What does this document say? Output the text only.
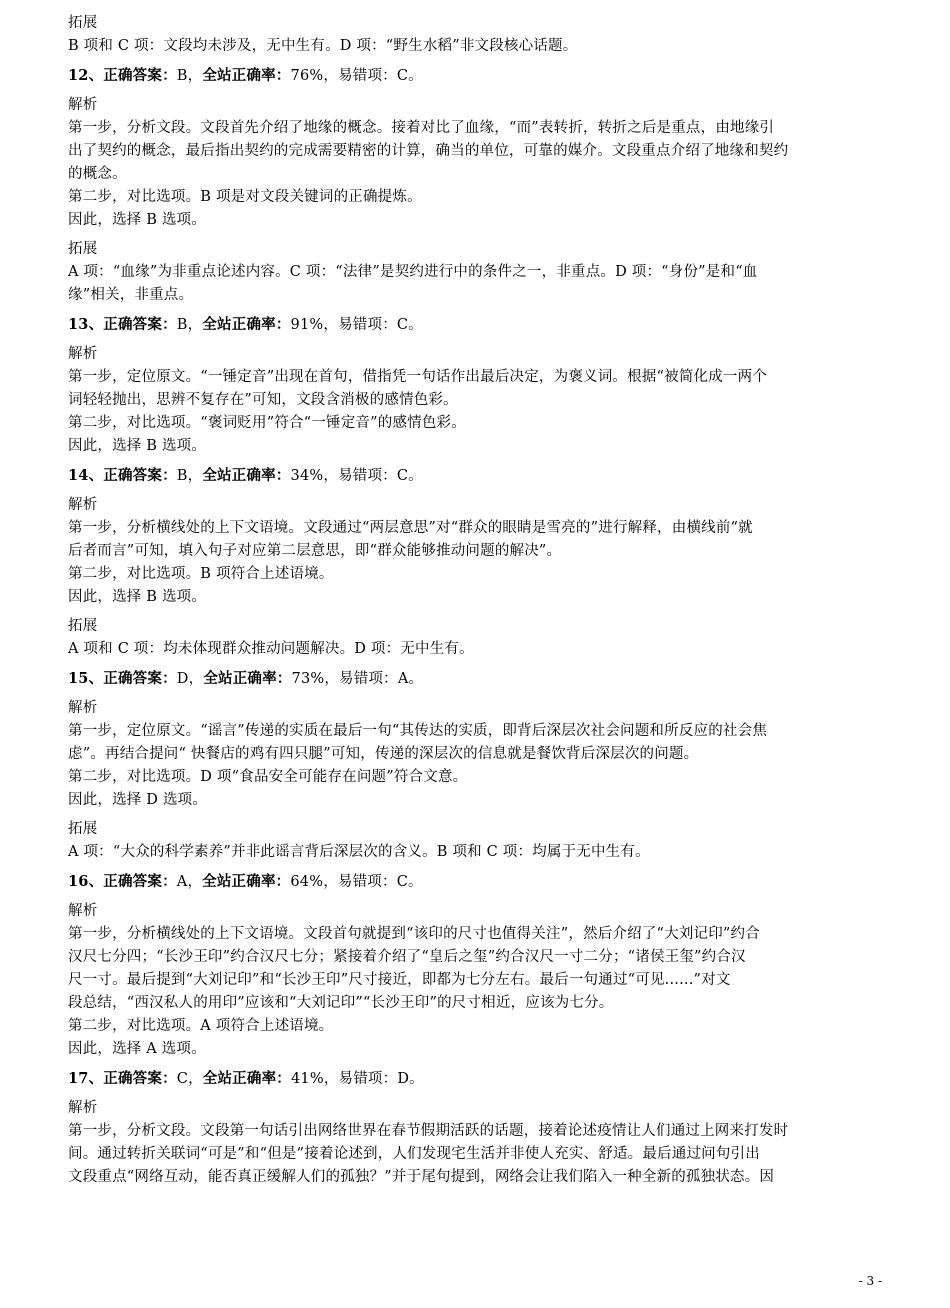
拓展

B 项和 C 项：文段均未涉及，无中生有。D 项：“野生水稻”非文段核心话题。

12、正确答案：B，全站正确率：76%，易错项：C。

解析

第一步，分析文段。文段首先介绍了地缘的概念。接着对比了血缘，“而”表转折，转折之后是重点，由地缘引

出了契约的概念，最后指出契约的完成需要精密的计算，确当的单位，可靠的媒介。文段重点介绍了地缘和契约

的概念。

第二步，对比选项。B 项是对文段关键词的正确提炼。

因此，选择 B 选项。

拓展

A 项：“血缘”为非重点论述内容。C 项：“法律”是契约进行中的条件之一，非重点。D 项：“身份”是和“血

缘”相关，非重点。

13、正确答案：B，全站正确率：91%，易错项：C。

解析

第一步，定位原文。“一锤定音”出现在首句，借指凭一句话作出最后决定，为褒义词。根据“被简化成一两个

词轻轻抛出，思辨不复存在”可知，文段含消极的感情色彩。

第二步，对比选项。“褒词贬用”符合“一锤定音”的感情色彩。

因此，选择 B 选项。

14、正确答案：B，全站正确率：34%，易错项：C。

解析

第一步，分析横线处的上下文语境。文段通过“两层意思”对“群众的眼睛是雪亮的”进行解释，由横线前“就

后者而言”可知，填入句子对应第二层意思，即“群众能够推动问题的解决”。

第二步，对比选项。B 项符合上述语境。

因此，选择 B 选项。

拓展

A 项和 C 项：均未体现群众推动问题解决。D 项：无中生有。

15、正确答案：D，全站正确率：73%，易错项：A。

解析

第一步，定位原文。“谣言”传递的实质在最后一句“其传达的实质，即背后深层次社会问题和所反应的社会焦

虑”。再结合提问“ 快餐店的鸡有四只腿”可知，传递的深层次的信息就是餐饮背后深层次的问题。

第二步，对比选项。D 项“食品安全可能存在问题”符合文意。

因此，选择 D 选项。

拓展

A 项：“大众的科学素养”并非此谣言背后深层次的含义。B 项和 C 项：均属于无中生有。

16、正确答案：A，全站正确率：64%，易错项：C。

解析

第一步，分析横线处的上下文语境。文段首句就提到“该印的尺寸也值得关注”，然后介绍了“大刘记印”约合

汉尺七分四；“长沙王印”约合汉尺七分；紧接着介绍了“皇后之玺”约合汉尺一寸二分；“诸侯王玺”约合汉

尺一寸。最后提到“大刘记印”和“长沙王印”尺寸接近，即都为七分左右。最后一句通过“可见......”对文

段总结，“西汉私人的用印”应该和“大刘记印”“长沙王印”的尺寸相近，应该为七分。

第二步，对比选项。A 项符合上述语境。

因此，选择 A 选项。

17、正确答案：C，全站正确率：41%，易错项：D。

解析

第一步，分析文段。文段第一句话引出网络世界在春节假期活跃的话题，接着论述疫情让人们通过上网来打发时

间。通过转折关联词“可是”和“但是”接着论述到，人们发现宅生活并非使人充实、舒适。最后通过问句引出

文段重点“网络互动，能否真正缓解人们的孤独？”并于尾句提到，网络会让我们陷入一种全新的孤独状态。因

- 3 -
